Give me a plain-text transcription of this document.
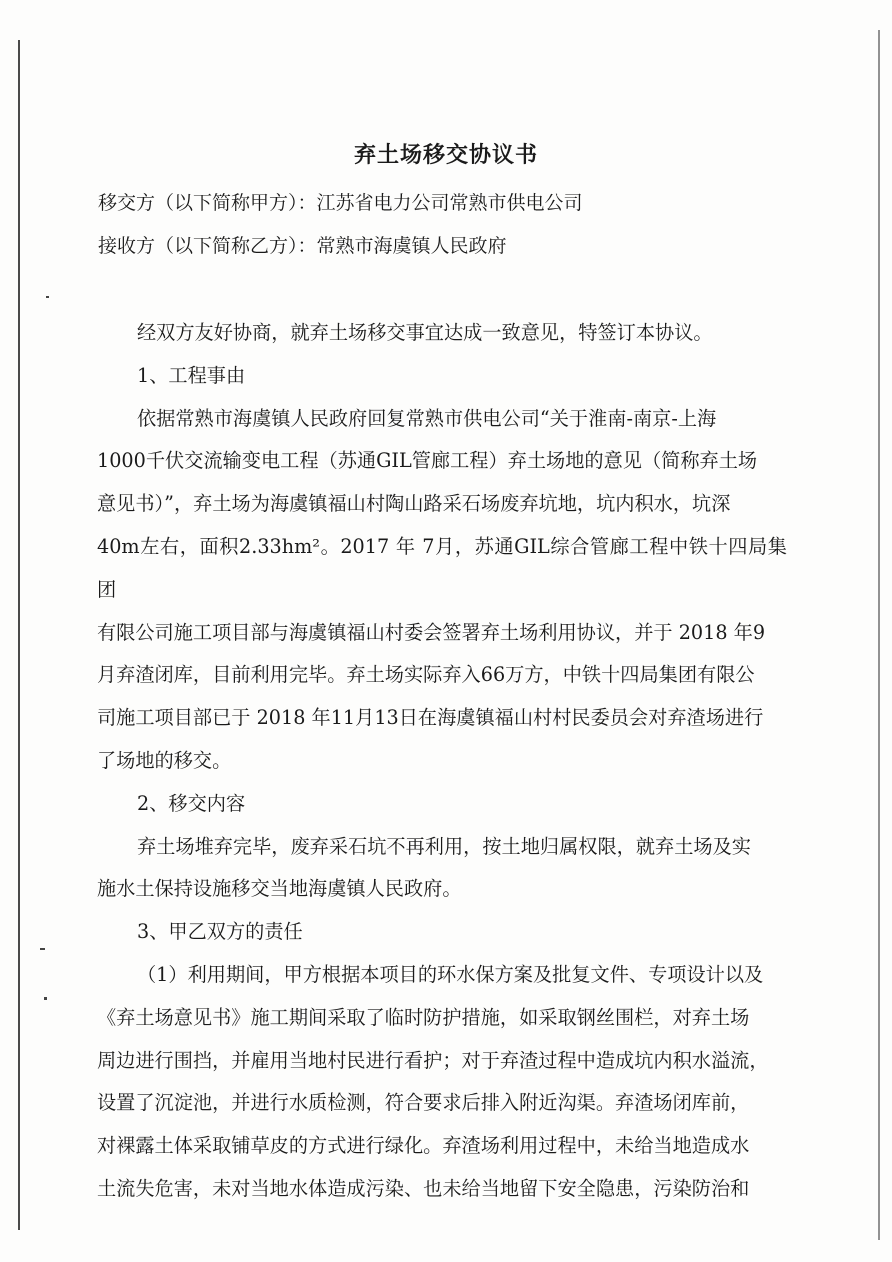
弃土场移交协议书
移交方（以下简称甲方）：江苏省电力公司常熟市供电公司
接收方（以下简称乙方）：常熟市海虞镇人民政府

经双方友好协商，就弃土场移交事宜达成一致意见，特签订本协议。

1、工程事由

依据常熟市海虞镇人民政府回复常熟市供电公司“关于淮南-南京-上海

1000千伏交流输变电工程（苏通GIL管廊工程）弃土场地的意见（简称弃土场

意见书）”，弃土场为海虞镇福山村陶山路采石场废弃坑地，坑内积水，坑深

40m左右，面积2.33hm²。2017 年 7月，苏通GIL综合管廊工程中铁十四局集团

有限公司施工项目部与海虞镇福山村委会签署弃土场利用协议，并于 2018 年9

月弃渣闭库，目前利用完毕。弃土场实际弃入66万方，中铁十四局集团有限公

司施工项目部已于 2018 年11月13日在海虞镇福山村村民委员会对弃渣场进行

了场地的移交。

2、移交内容

弃土场堆弃完毕，废弃采石坑不再利用，按土地归属权限，就弃土场及实

施水土保持设施移交当地海虞镇人民政府。

3、甲乙双方的责任

（1）利用期间，甲方根据本项目的环水保方案及批复文件、专项设计以及

《弃土场意见书》施工期间采取了临时防护措施，如采取钢丝围栏，对弃土场

周边进行围挡，并雇用当地村民进行看护；对于弃渣过程中造成坑内积水溢流，

设置了沉淀池，并进行水质检测，符合要求后排入附近沟渠。弃渣场闭库前，

对裸露土体采取铺草皮的方式进行绿化。弃渣场利用过程中，未给当地造成水

土流失危害，未对当地水体造成污染、也未给当地留下安全隐患，污染防治和
